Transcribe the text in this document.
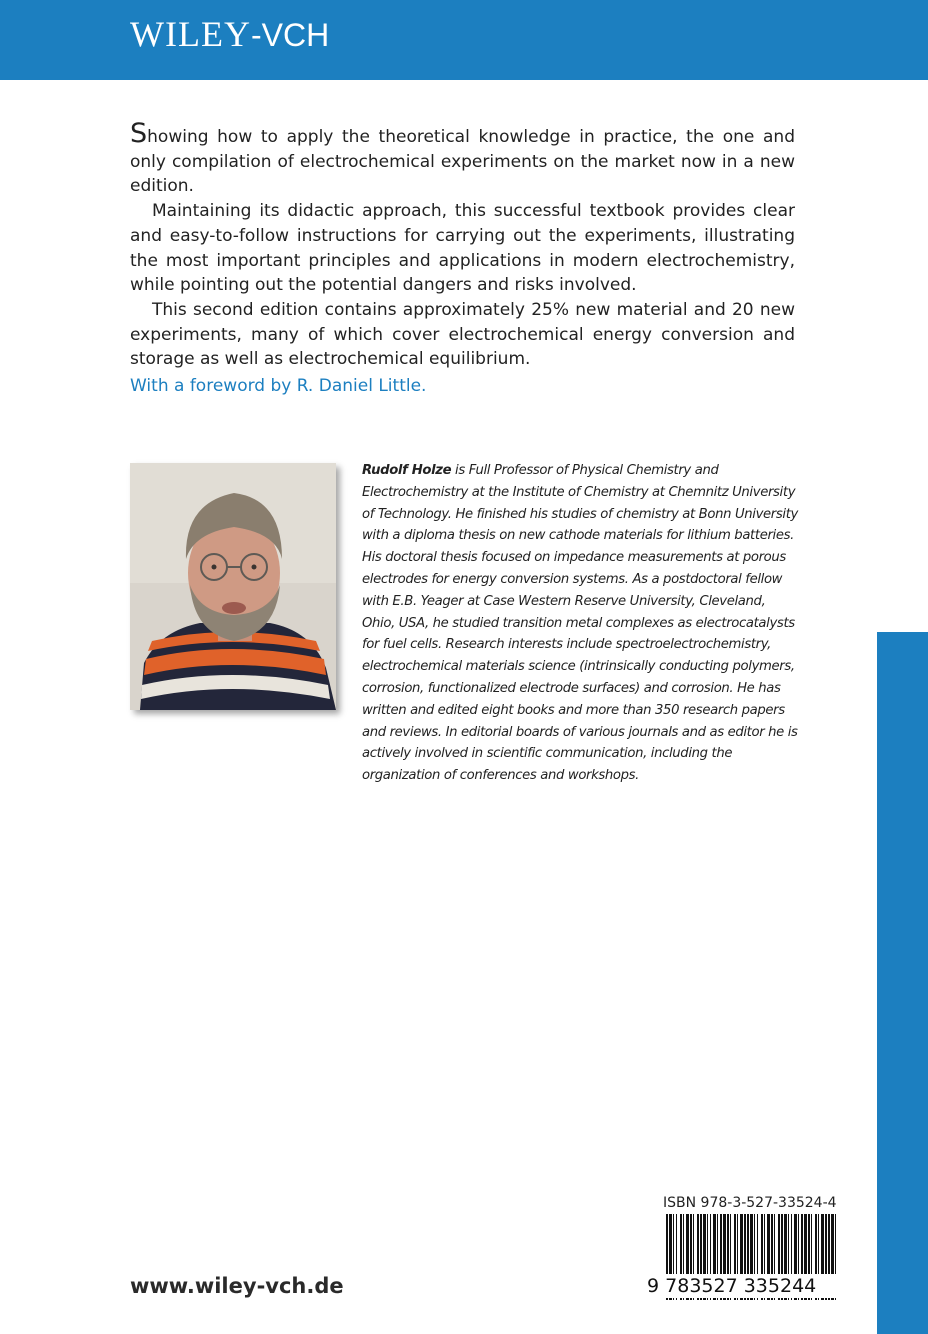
WILEY-VCH

Showing how to apply the theoretical knowledge in practice, the one and only compilation of electrochemical experiments on the market now in a new edition.

Maintaining its didactic approach, this successful textbook provides clear and easy-to-follow instructions for carrying out the experiments, illustrating the most important principles and applications in modern electrochemistry, while pointing out the potential dangers and risks involved.

This second edition contains approximately 25% new material and 20 new experiments, many of which cover electrochemical energy conversion and storage as well as electrochemical equilibrium.

With a foreword by R. Daniel Little.
Rudolf Holze is Full Professor of Physical Chemistry and Electrochemistry at the Institute of Chemistry at Chemnitz University of Technology. He finished his studies of chemistry at Bonn University with a diploma thesis on new cathode materials for lithium batteries. His doctoral thesis focused on impedance measurements at porous electrodes for energy conversion systems. As a postdoctoral fellow with E.B. Yeager at Case Western Reserve University, Cleveland, Ohio, USA, he studied transition metal complexes as electrocatalysts for fuel cells. Research interests include spectroelectrochemistry, electrochemical materials science (intrinsically conducting polymers, corrosion, functionalized electrode surfaces) and corrosion. He has written and edited eight books and more than 350 research papers and reviews. In editorial boards of various journals and as editor he is actively involved in scientific communication, including the organization of conferences and workshops.
www.wiley-vch.de
ISBN 978-3-527-33524-4
9 783527 335244
